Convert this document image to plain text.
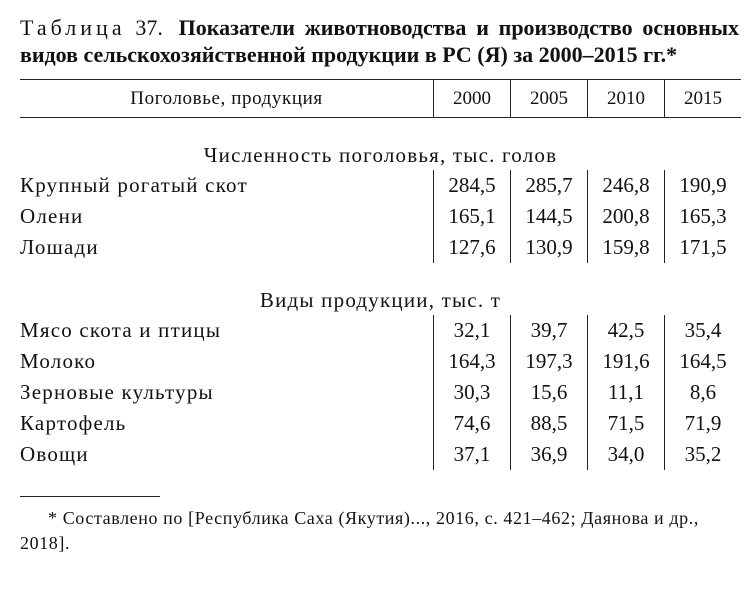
Таблица 37. Показатели животноводства и производство основных видов сельскохозяйственной продукции в РС (Я) за 2000–2015 гг.*

Поголовье, продукция	2000	2005	2010	2015
Численность поголовья, тыс. голов				
Крупный рогатый скот	284,5	285,7	246,8	190,9
Олени	165,1	144,5	200,8	165,3
Лошади	127,6	130,9	159,8	171,5
Виды продукции, тыс. т				
Мясо скота и птицы	32,1	39,7	42,5	35,4
Молоко	164,3	197,3	191,6	164,5
Зерновые культуры	30,3	15,6	11,1	8,6
Картофель	74,6	88,5	71,5	71,9
Овощи	37,1	36,9	34,0	35,2
* Составлено по [Республика Саха (Якутия)..., 2016, с. 421–462; Даянова и др., 2018].
